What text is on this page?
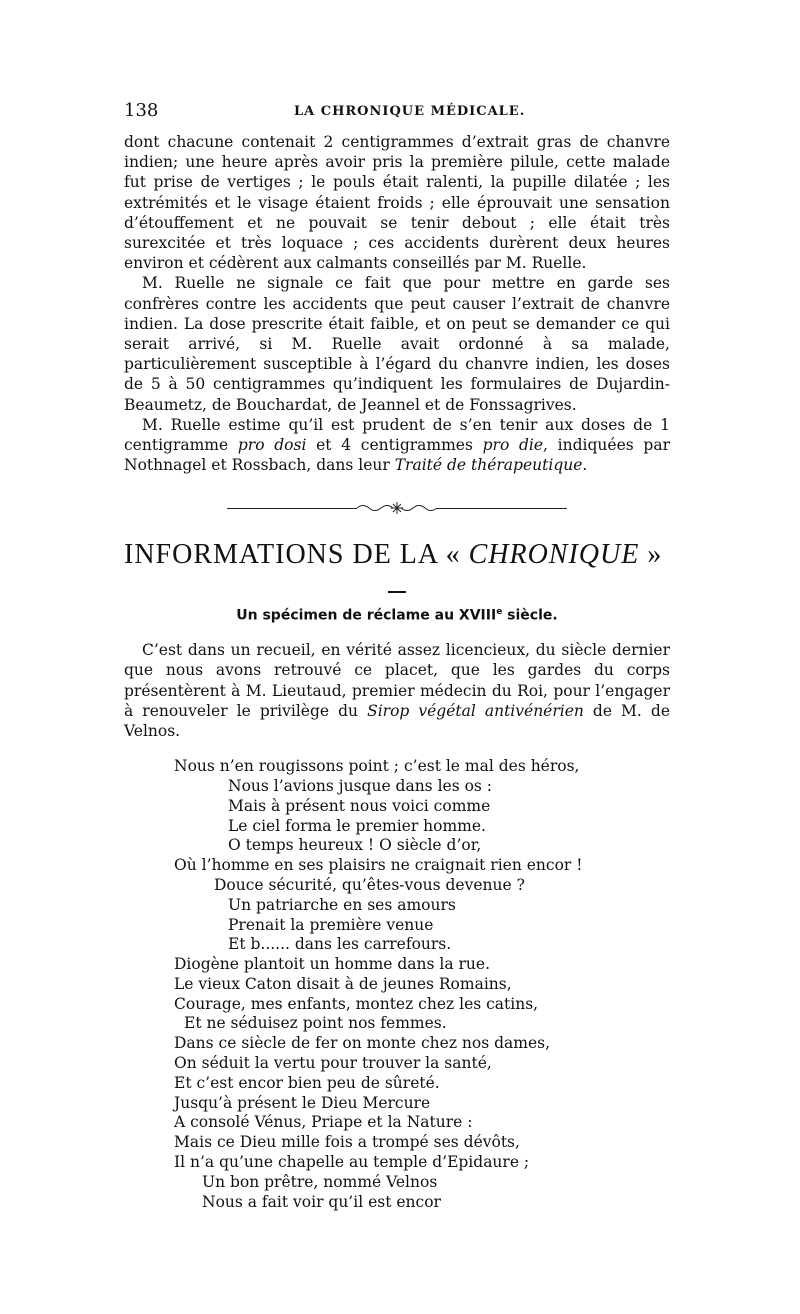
138	LA CHRONIQUE MÉDICALE.

dont chacune contenait 2 centigrammes d’extrait gras de chanvre indien; une heure après avoir pris la première pilule, cette malade fut prise de vertiges ; le pouls était ralenti, la pupille dilatée ; les extrémités et le visage étaient froids ; elle éprouvait une sensation d’étouffement et ne pouvait se tenir debout ; elle était très surexcitée et très loquace ; ces accidents durèrent deux heures environ et cédèrent aux calmants conseillés par M. Ruelle.

M. Ruelle ne signale ce fait que pour mettre en garde ses confrères contre les accidents que peut causer l’extrait de chanvre indien. La dose prescrite était faible, et on peut se demander ce qui serait arrivé, si M. Ruelle avait ordonné à sa malade, particulièrement susceptible à l’égard du chanvre indien, les doses de 5 à 50 centigrammes qu’indiquent les formulaires de Dujardin-Beaumetz, de Bouchardat, de Jeannel et de Fonssagrives.

M. Ruelle estime qu’il est prudent de s’en tenir aux doses de 1 centigramme pro dosi et 4 centigrammes pro die, indiquées par Nothnagel et Rossbach, dans leur Traité de thérapeutique.

INFORMATIONS DE LA « CHRONIQUE »
Un spécimen de réclame au XVIIIe siècle.

C’est dans un recueil, en vérité assez licencieux, du siècle dernier que nous avons retrouvé ce placet, que les gardes du corps présentèrent à M. Lieutaud, premier médecin du Roi, pour l’engager à renouveler le privilège du Sirop végétal antivénérien de M. de Velnos.

Nous n’en rougissons point ; c’est le mal des héros,
Nous l’avions jusque dans les os :
Mais à présent nous voici comme
Le ciel forma le premier homme.
O temps heureux ! O siècle d’or,
Où l’homme en ses plaisirs ne craignait rien encor !
Douce sécurité, qu’êtes-vous devenue ?
Un patriarche en ses amours
Prenait la première venue
Et b...... dans les carrefours.
Diogène plantoit un homme dans la rue.
Le vieux Caton disait à de jeunes Romains,
Courage, mes enfants, montez chez les catins,
Et ne séduisez point nos femmes.
Dans ce siècle de fer on monte chez nos dames,
On séduit la vertu pour trouver la santé,
Et c’est encor bien peu de sûreté.
Jusqu’à présent le Dieu Mercure
A consolé Vénus, Priape et la Nature :
Mais ce Dieu mille fois a trompé ses dévôts,
Il n’a qu’une chapelle au temple d’Epidaure ;
Un bon prêtre, nommé Velnos
Nous a fait voir qu’il est encor
